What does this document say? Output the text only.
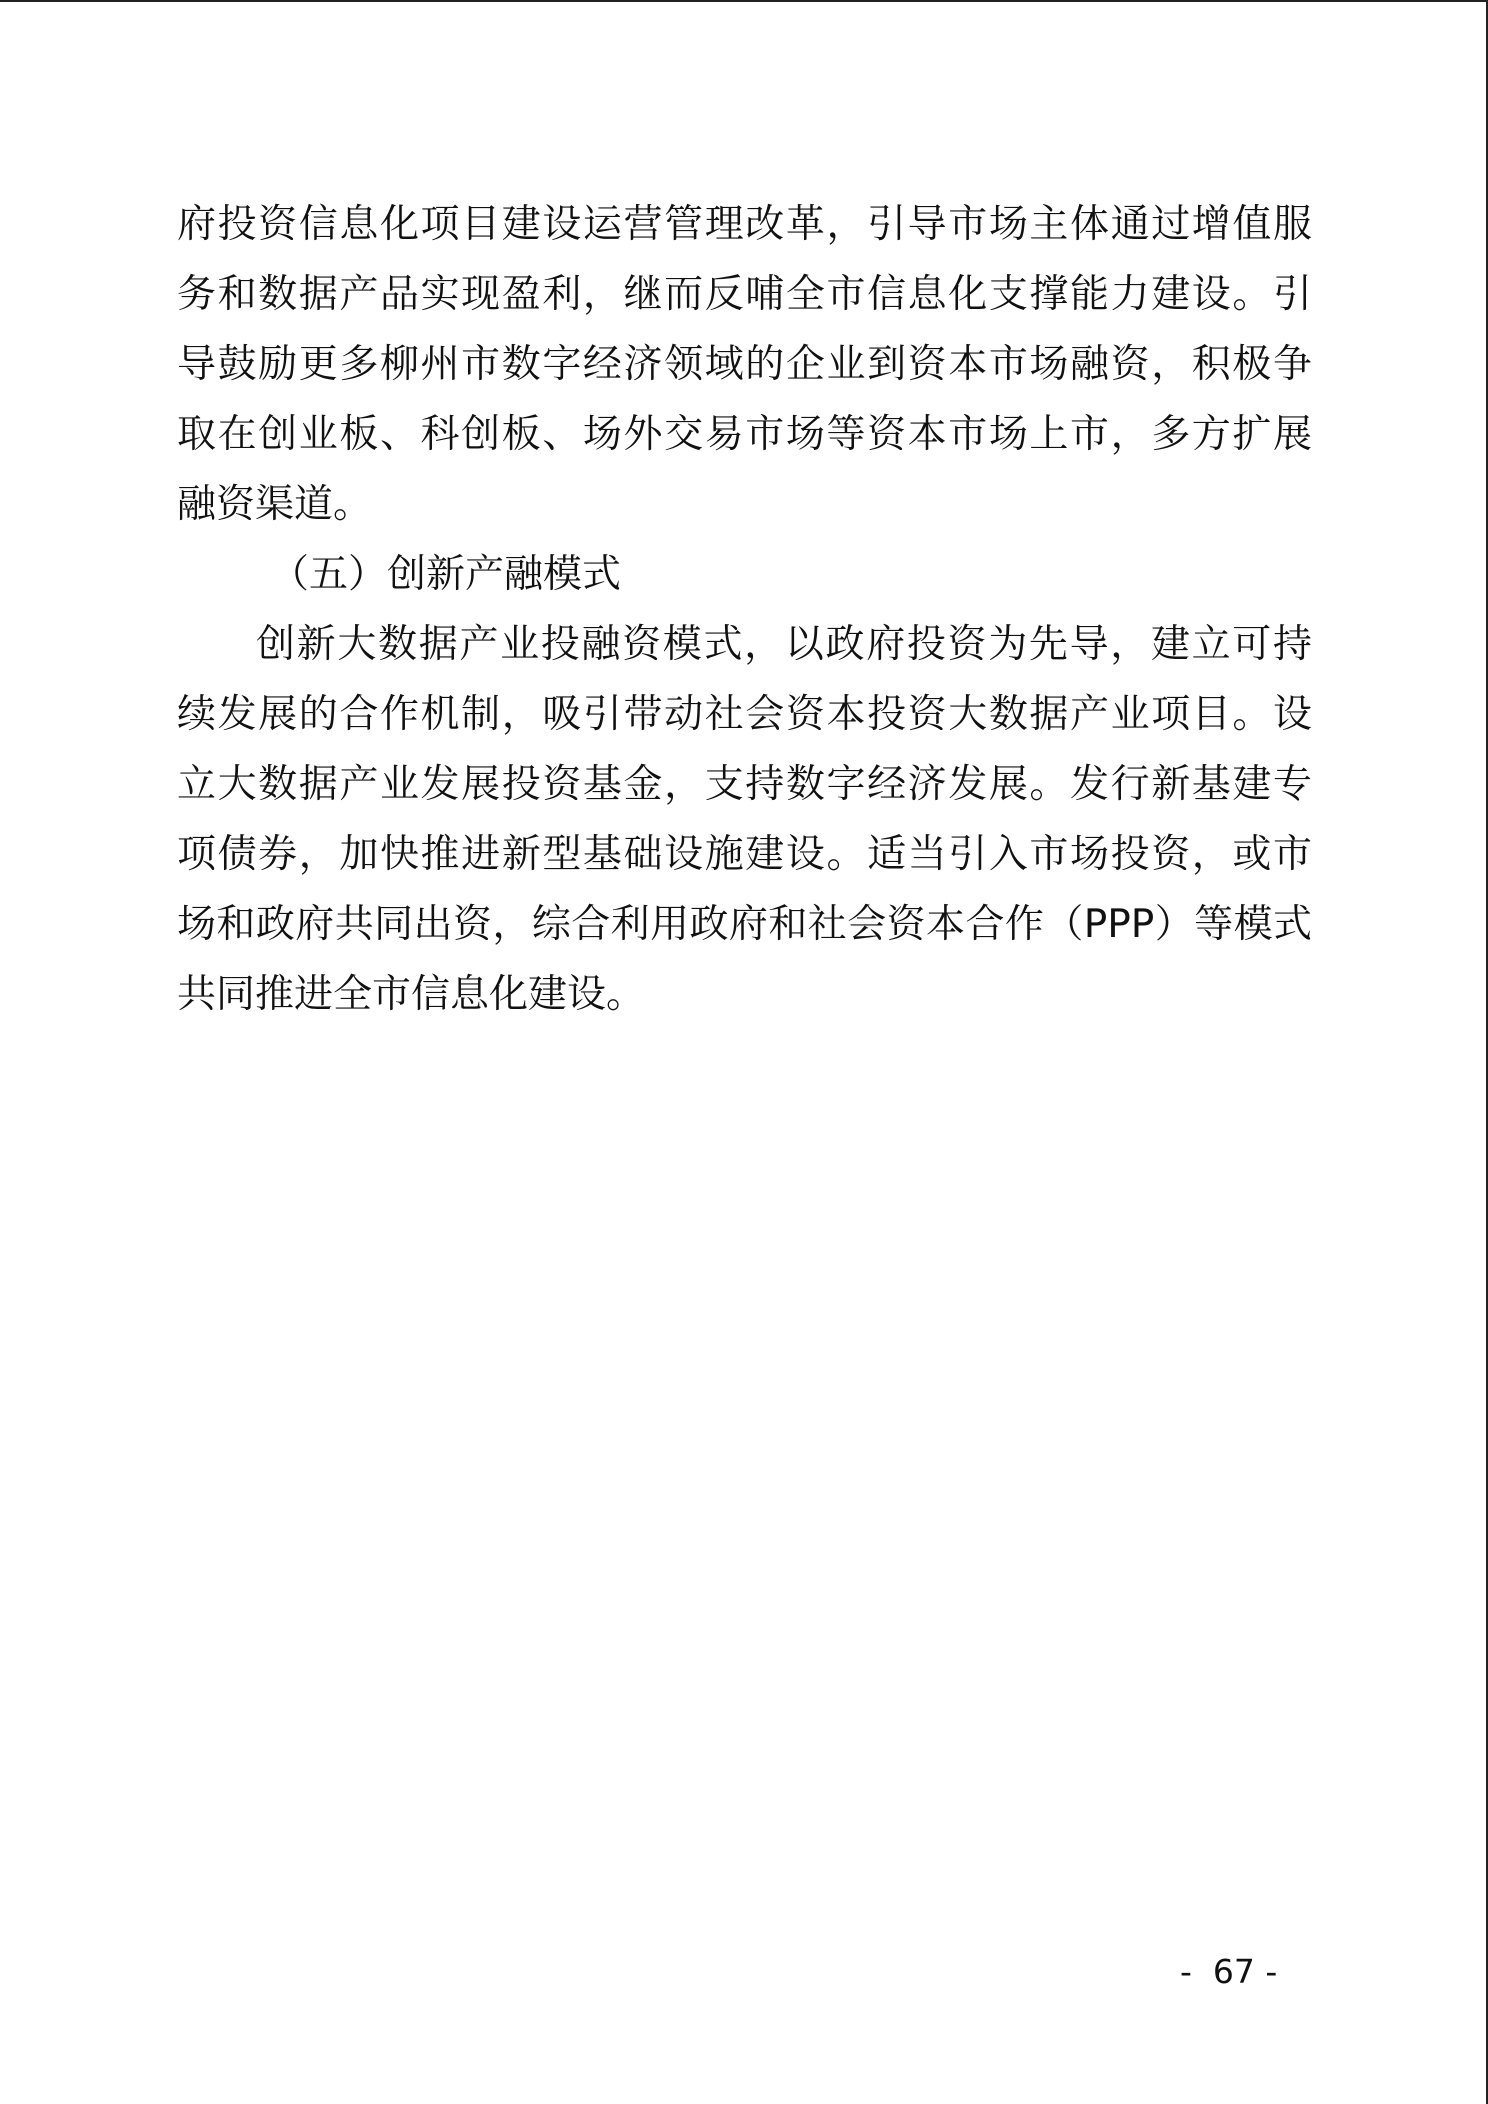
府投资信息化项目建设运营管理改革，引导市场主体通过增值服
务和数据产品实现盈利，继而反哺全市信息化支撑能力建设。引
导鼓励更多柳州市数字经济领域的企业到资本市场融资，积极争
取在创业板、科创板、场外交易市场等资本市场上市，多方扩展
融资渠道。
（五）创新产融模式
创新大数据产业投融资模式，以政府投资为先导，建立可持
续发展的合作机制，吸引带动社会资本投资大数据产业项目。设
立大数据产业发展投资基金，支持数字经济发展。发行新基建专
项债券，加快推进新型基础设施建设。适当引入市场投资，或市
场和政府共同出资，综合利用政府和社会资本合作（PPP）等模式
共同推进全市信息化建设。
-  67 -
